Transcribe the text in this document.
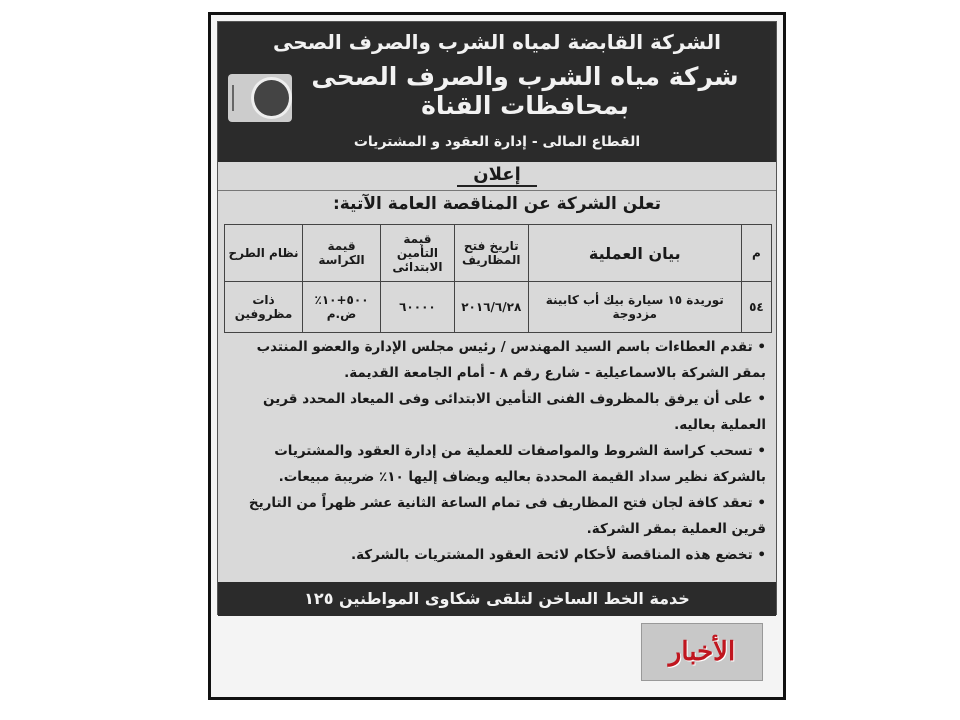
الشركة القابضة لمياه الشرب والصرف الصحى
شركة مياه الشرب والصرف الصحى بمحافظات القناة
القطاع المالى - إدارة العقود و المشتريات
إعلان
تعلن الشركة عن المناقصة العامة الآتية:
م	بيان العملية	تاريخ فتح المظاريف	قيمة التأمين الابتدائى	قيمة الكراسة	نظام الطرح
٥٤	توريدة ١٥ سيارة بيك أب كابينة مزدوجة	٢٠١٦/٦/٢٨	٦٠٠٠٠	٥٠٠+١٠٪ ض.م	ذات مظروفين
• تقدم العطاءات باسم السيد المهندس / رئيس مجلس الإدارة والعضو المنتدب بمقر الشركة بالاسماعيلية - شارع رقم ٨ - أمام الجامعة القديمة.
• على أن يرفق بالمظروف الفنى التأمين الابتدائى وفى الميعاد المحدد قرين العملية بعاليه.
• تسحب كراسة الشروط والمواصفات للعملية من إدارة العقود والمشتريات بالشركة نظير سداد القيمة المحددة بعاليه ويضاف إليها ١٠٪ ضريبة مبيعات.
• تعقد كافة لجان فتح المظاريف فى تمام الساعة الثانية عشر ظهراً من التاريخ قرين العملية بمقر الشركة.
• تخضع هذه المناقصة لأحكام لائحة العقود المشتريات بالشركة.
خدمة الخط الساخن لتلقى شكاوى المواطنين ١٢٥
الأخبار
